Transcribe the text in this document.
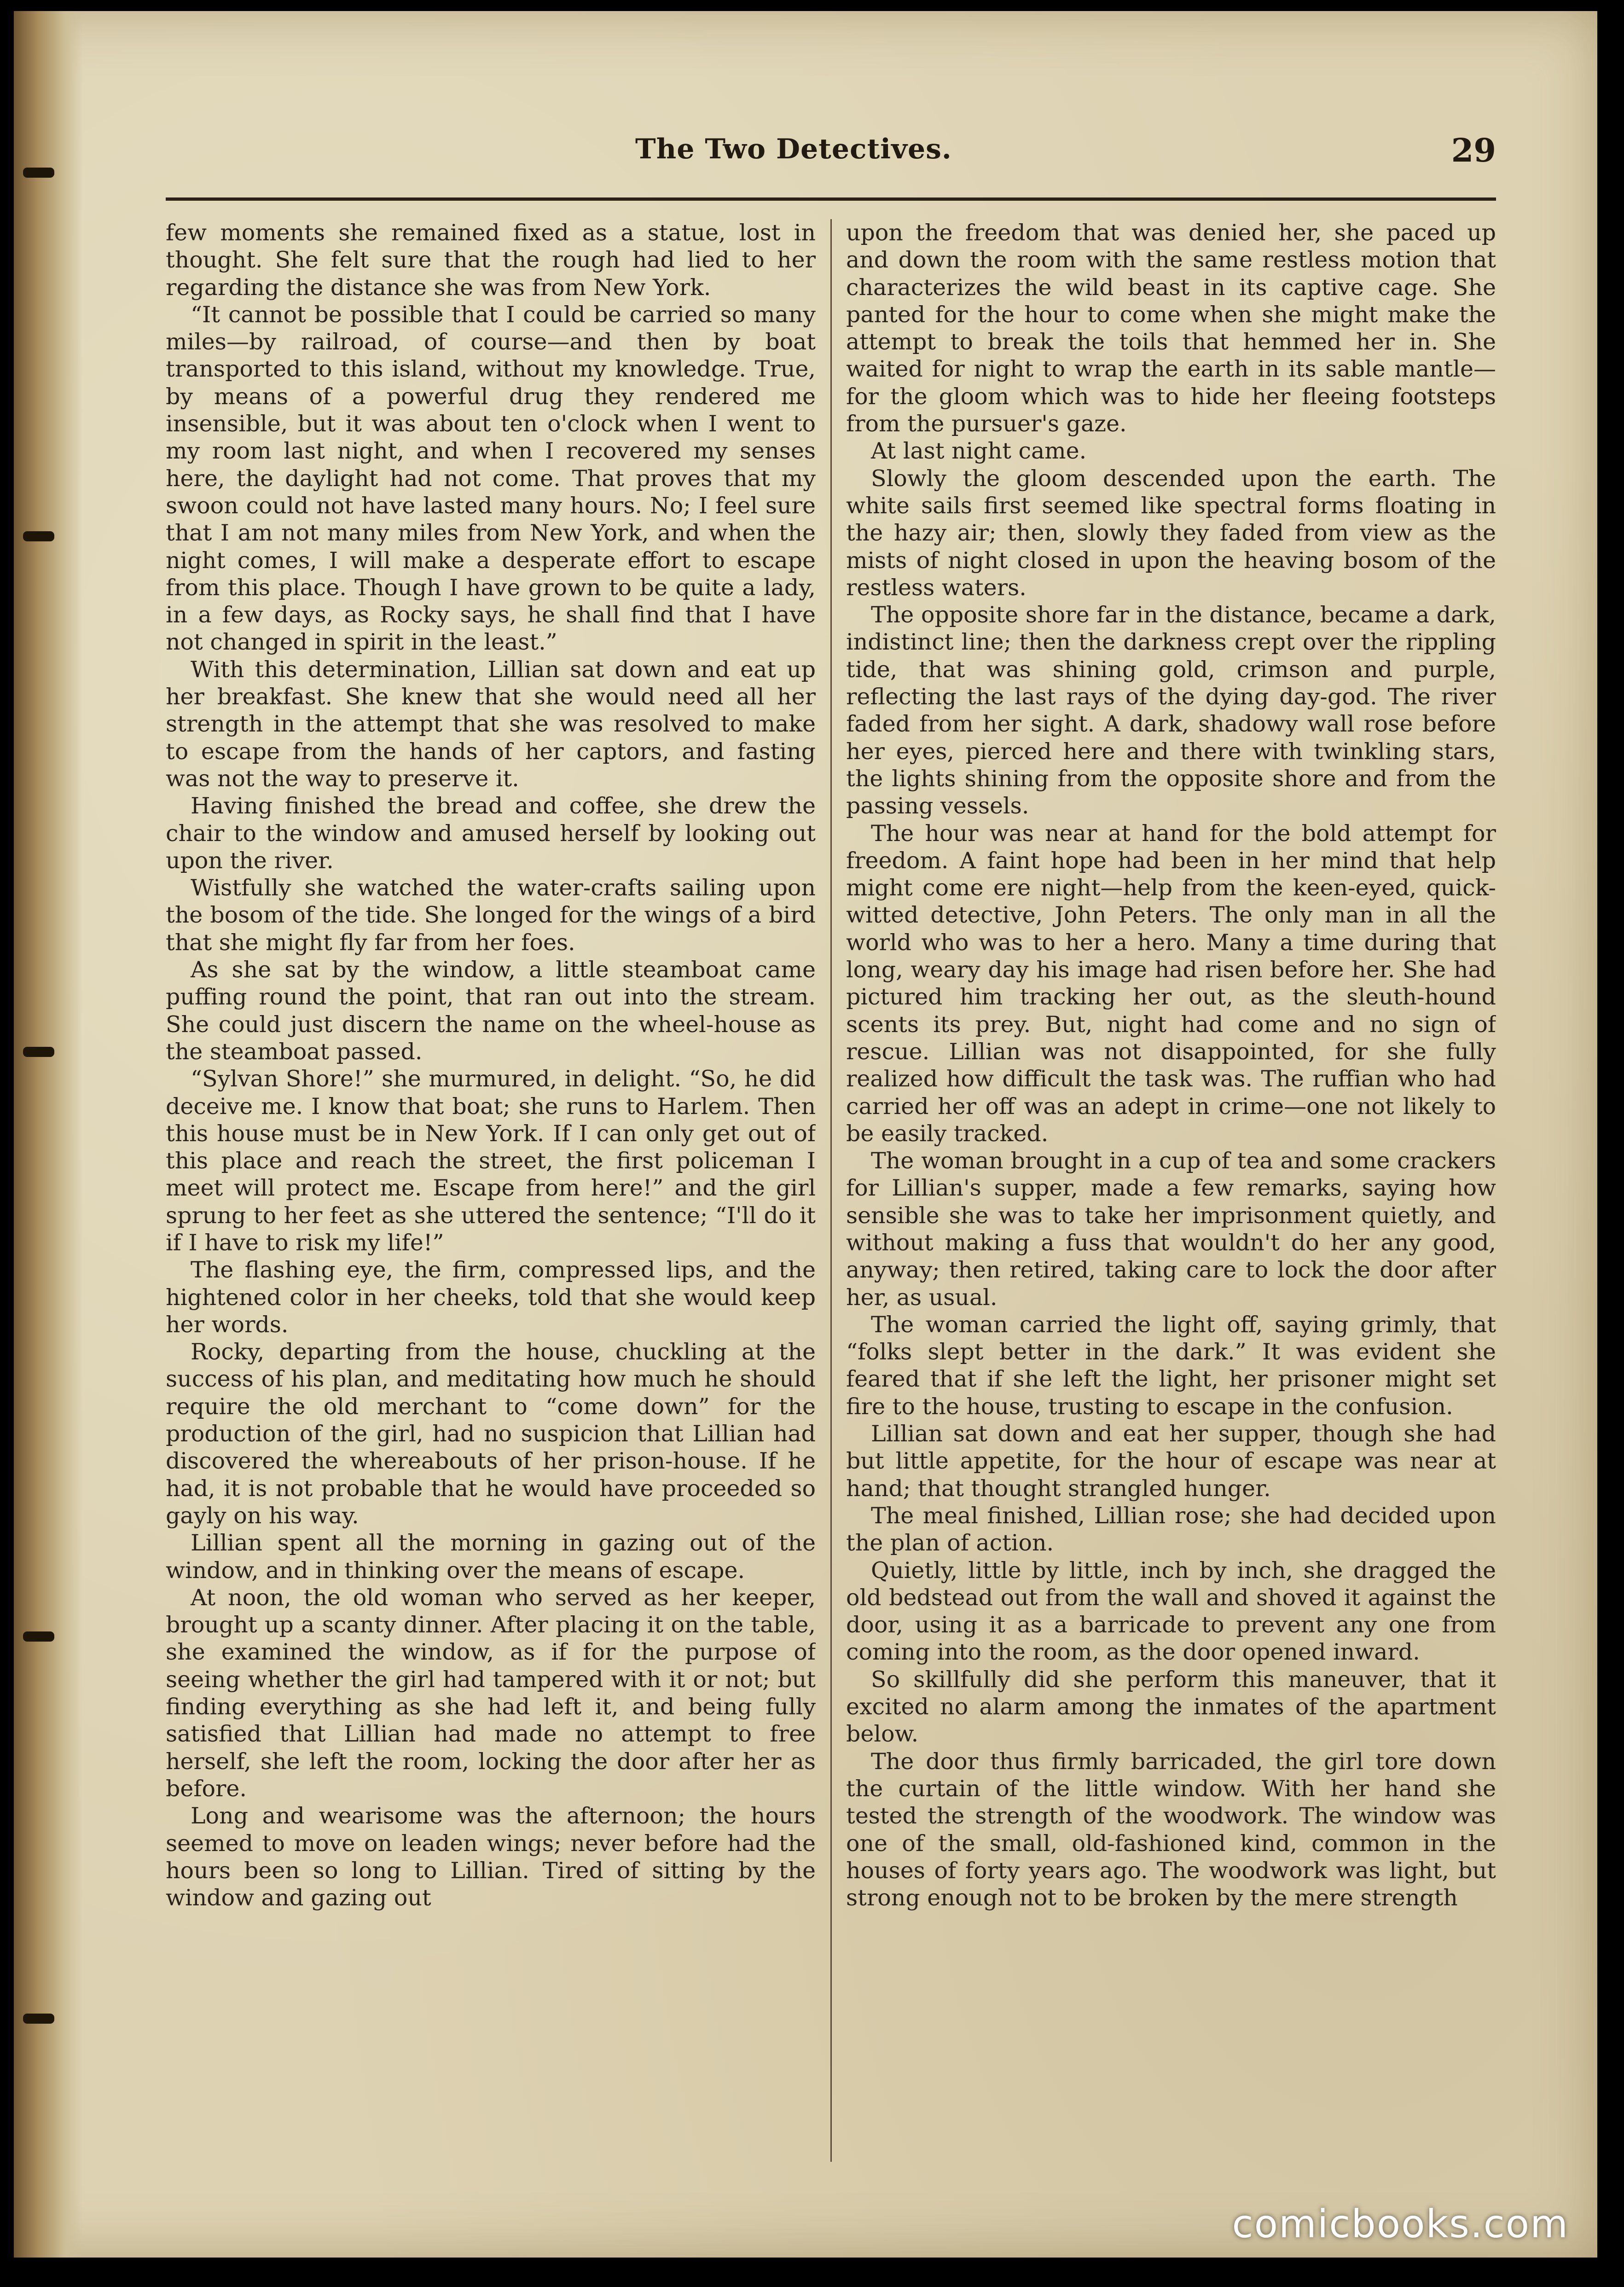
The Two Detectives.	29

few moments she remained fixed as a statue, lost in thought. She felt sure that the rough had lied to her regarding the distance she was from New York.

“It cannot be possible that I could be carried so many miles—by railroad, of course—and then by boat transported to this island, without my knowledge. True, by means of a powerful drug they rendered me insensible, but it was about ten o'clock when I went to my room last night, and when I recovered my senses here, the daylight had not come. That proves that my swoon could not have lasted many hours. No; I feel sure that I am not many miles from New York, and when the night comes, I will make a desperate effort to escape from this place. Though I have grown to be quite a lady, in a few days, as Rocky says, he shall find that I have not changed in spirit in the least.”

With this determination, Lillian sat down and eat up her breakfast. She knew that she would need all her strength in the attempt that she was resolved to make to escape from the hands of her captors, and fasting was not the way to preserve it.

Having finished the bread and coffee, she drew the chair to the window and amused herself by looking out upon the river.

Wistfully she watched the water-crafts sailing upon the bosom of the tide. She longed for the wings of a bird that she might fly far from her foes.

As she sat by the window, a little steamboat came puffing round the point, that ran out into the stream. She could just discern the name on the wheel-house as the steamboat passed.

“Sylvan Shore!” she murmured, in delight. “So, he did deceive me. I know that boat; she runs to Harlem. Then this house must be in New York. If I can only get out of this place and reach the street, the first policeman I meet will protect me. Escape from here!” and the girl sprung to her feet as she uttered the sentence; “I'll do it if I have to risk my life!”

The flashing eye, the firm, compressed lips, and the hightened color in her cheeks, told that she would keep her words.

Rocky, departing from the house, chuckling at the success of his plan, and meditating how much he should require the old merchant to “come down” for the production of the girl, had no suspicion that Lillian had discovered the whereabouts of her prison-house. If he had, it is not probable that he would have proceeded so gayly on his way.

Lillian spent all the morning in gazing out of the window, and in thinking over the means of escape.

At noon, the old woman who served as her keeper, brought up a scanty dinner. After placing it on the table, she examined the window, as if for the purpose of seeing whether the girl had tampered with it or not; but finding everything as she had left it, and being fully satisfied that Lillian had made no attempt to free herself, she left the room, locking the door after her as before.

Long and wearisome was the afternoon; the hours seemed to move on leaden wings; never before had the hours been so long to Lillian. Tired of sitting by the window and gazing out

upon the freedom that was denied her, she paced up and down the room with the same restless motion that characterizes the wild beast in its captive cage. She panted for the hour to come when she might make the attempt to break the toils that hemmed her in. She waited for night to wrap the earth in its sable mantle—for the gloom which was to hide her fleeing footsteps from the pursuer's gaze.

At last night came.

Slowly the gloom descended upon the earth. The white sails first seemed like spectral forms floating in the hazy air; then, slowly they faded from view as the mists of night closed in upon the heaving bosom of the restless waters.

The opposite shore far in the distance, became a dark, indistinct line; then the darkness crept over the rippling tide, that was shining gold, crimson and purple, reflecting the last rays of the dying day-god. The river faded from her sight. A dark, shadowy wall rose before her eyes, pierced here and there with twinkling stars, the lights shining from the opposite shore and from the passing vessels.

The hour was near at hand for the bold attempt for freedom. A faint hope had been in her mind that help might come ere night—help from the keen-eyed, quick-witted detective, John Peters. The only man in all the world who was to her a hero. Many a time during that long, weary day his image had risen before her. She had pictured him tracking her out, as the sleuth-hound scents its prey. But, night had come and no sign of rescue. Lillian was not disappointed, for she fully realized how difficult the task was. The ruffian who had carried her off was an adept in crime—one not likely to be easily tracked.

The woman brought in a cup of tea and some crackers for Lillian's supper, made a few remarks, saying how sensible she was to take her imprisonment quietly, and without making a fuss that wouldn't do her any good, anyway; then retired, taking care to lock the door after her, as usual.

The woman carried the light off, saying grimly, that “folks slept better in the dark.” It was evident she feared that if she left the light, her prisoner might set fire to the house, trusting to escape in the confusion.

Lillian sat down and eat her supper, though she had but little appetite, for the hour of escape was near at hand; that thought strangled hunger.

The meal finished, Lillian rose; she had decided upon the plan of action.

Quietly, little by little, inch by inch, she dragged the old bedstead out from the wall and shoved it against the door, using it as a barricade to prevent any one from coming into the room, as the door opened inward.

So skillfully did she perform this maneuver, that it excited no alarm among the inmates of the apartment below.

The door thus firmly barricaded, the girl tore down the curtain of the little window. With her hand she tested the strength of the woodwork. The window was one of the small, old-fashioned kind, common in the houses of forty years ago. The woodwork was light, but strong enough not to be broken by the mere strength

comicbooks.com
